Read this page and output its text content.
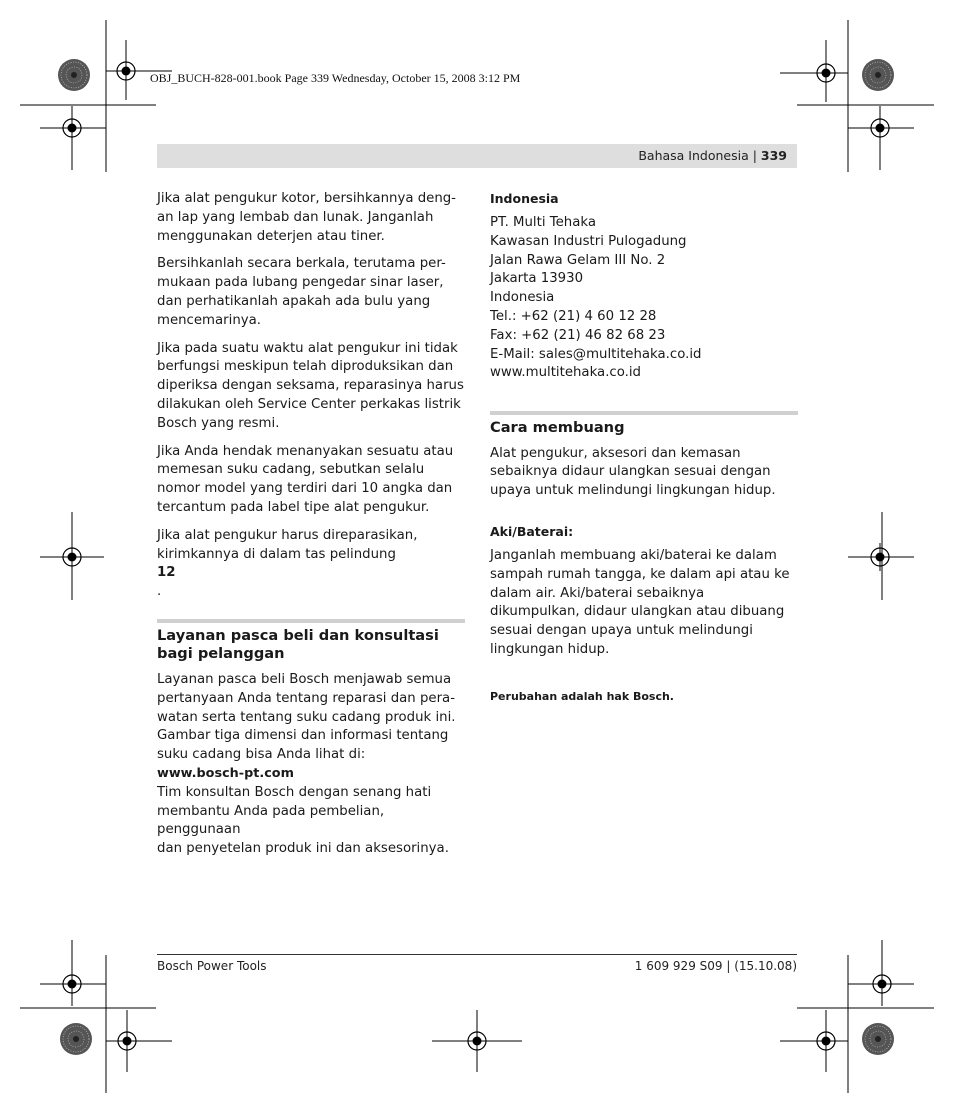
OBJ_BUCH-828-001.book Page 339 Wednesday, October 15, 2008 3:12 PM
Bahasa Indonesia | 339

Jika alat pengukur kotor, bersihkannya deng-
an lap yang lembab dan lunak. Janganlah
menggunakan deterjen atau tiner.

Bersihkanlah secara berkala, terutama per-
mukaan pada lubang pengedar sinar laser,
dan perhatikanlah apakah ada bulu yang
mencemarinya.

Jika pada suatu waktu alat pengukur ini tidak
berfungsi meskipun telah diproduksikan dan
diperiksa dengan seksama, reparasinya harus
dilakukan oleh Service Center perkakas listrik
Bosch yang resmi.

Jika Anda hendak menanyakan sesuatu atau
memesan suku cadang, sebutkan selalu
nomor model yang terdiri dari 10 angka dan
tercantum pada label tipe alat pengukur.

Jika alat pengukur harus direparasikan,
kirimkannya di dalam tas pelindung
12
.

Layanan pasca beli dan konsultasi
bagi pelanggan

Layanan pasca beli Bosch menjawab semua
pertanyaan Anda tentang reparasi dan pera-
watan serta tentang suku cadang produk ini.
Gambar tiga dimensi dan informasi tentang
suku cadang bisa Anda lihat di:
www.bosch-pt.com
Tim konsultan Bosch dengan senang hati
membantu Anda pada pembelian, penggunaan
dan penyetelan produk ini dan aksesorinya.

Indonesia

PT. Multi Tehaka
Kawasan Industri Pulogadung
Jalan Rawa Gelam III No. 2
Jakarta 13930
Indonesia
Tel.: +62 (21) 4 60 12 28
Fax: +62 (21) 46 82 68 23
E-Mail: sales@multitehaka.co.id
www.multitehaka.co.id

Cara membuang

Alat pengukur, aksesori dan kemasan
sebaiknya didaur ulangkan sesuai dengan
upaya untuk melindungi lingkungan hidup.

Aki/Baterai:

Janganlah membuang aki/baterai ke dalam
sampah rumah tangga, ke dalam api atau ke
dalam air. Aki/baterai sebaiknya
dikumpulkan, didaur ulangkan atau dibuang
sesuai dengan upaya untuk melindungi
lingkungan hidup.

Perubahan adalah hak Bosch.
Bosch Power Tools	1 609 929 S09 | (15.10.08)
